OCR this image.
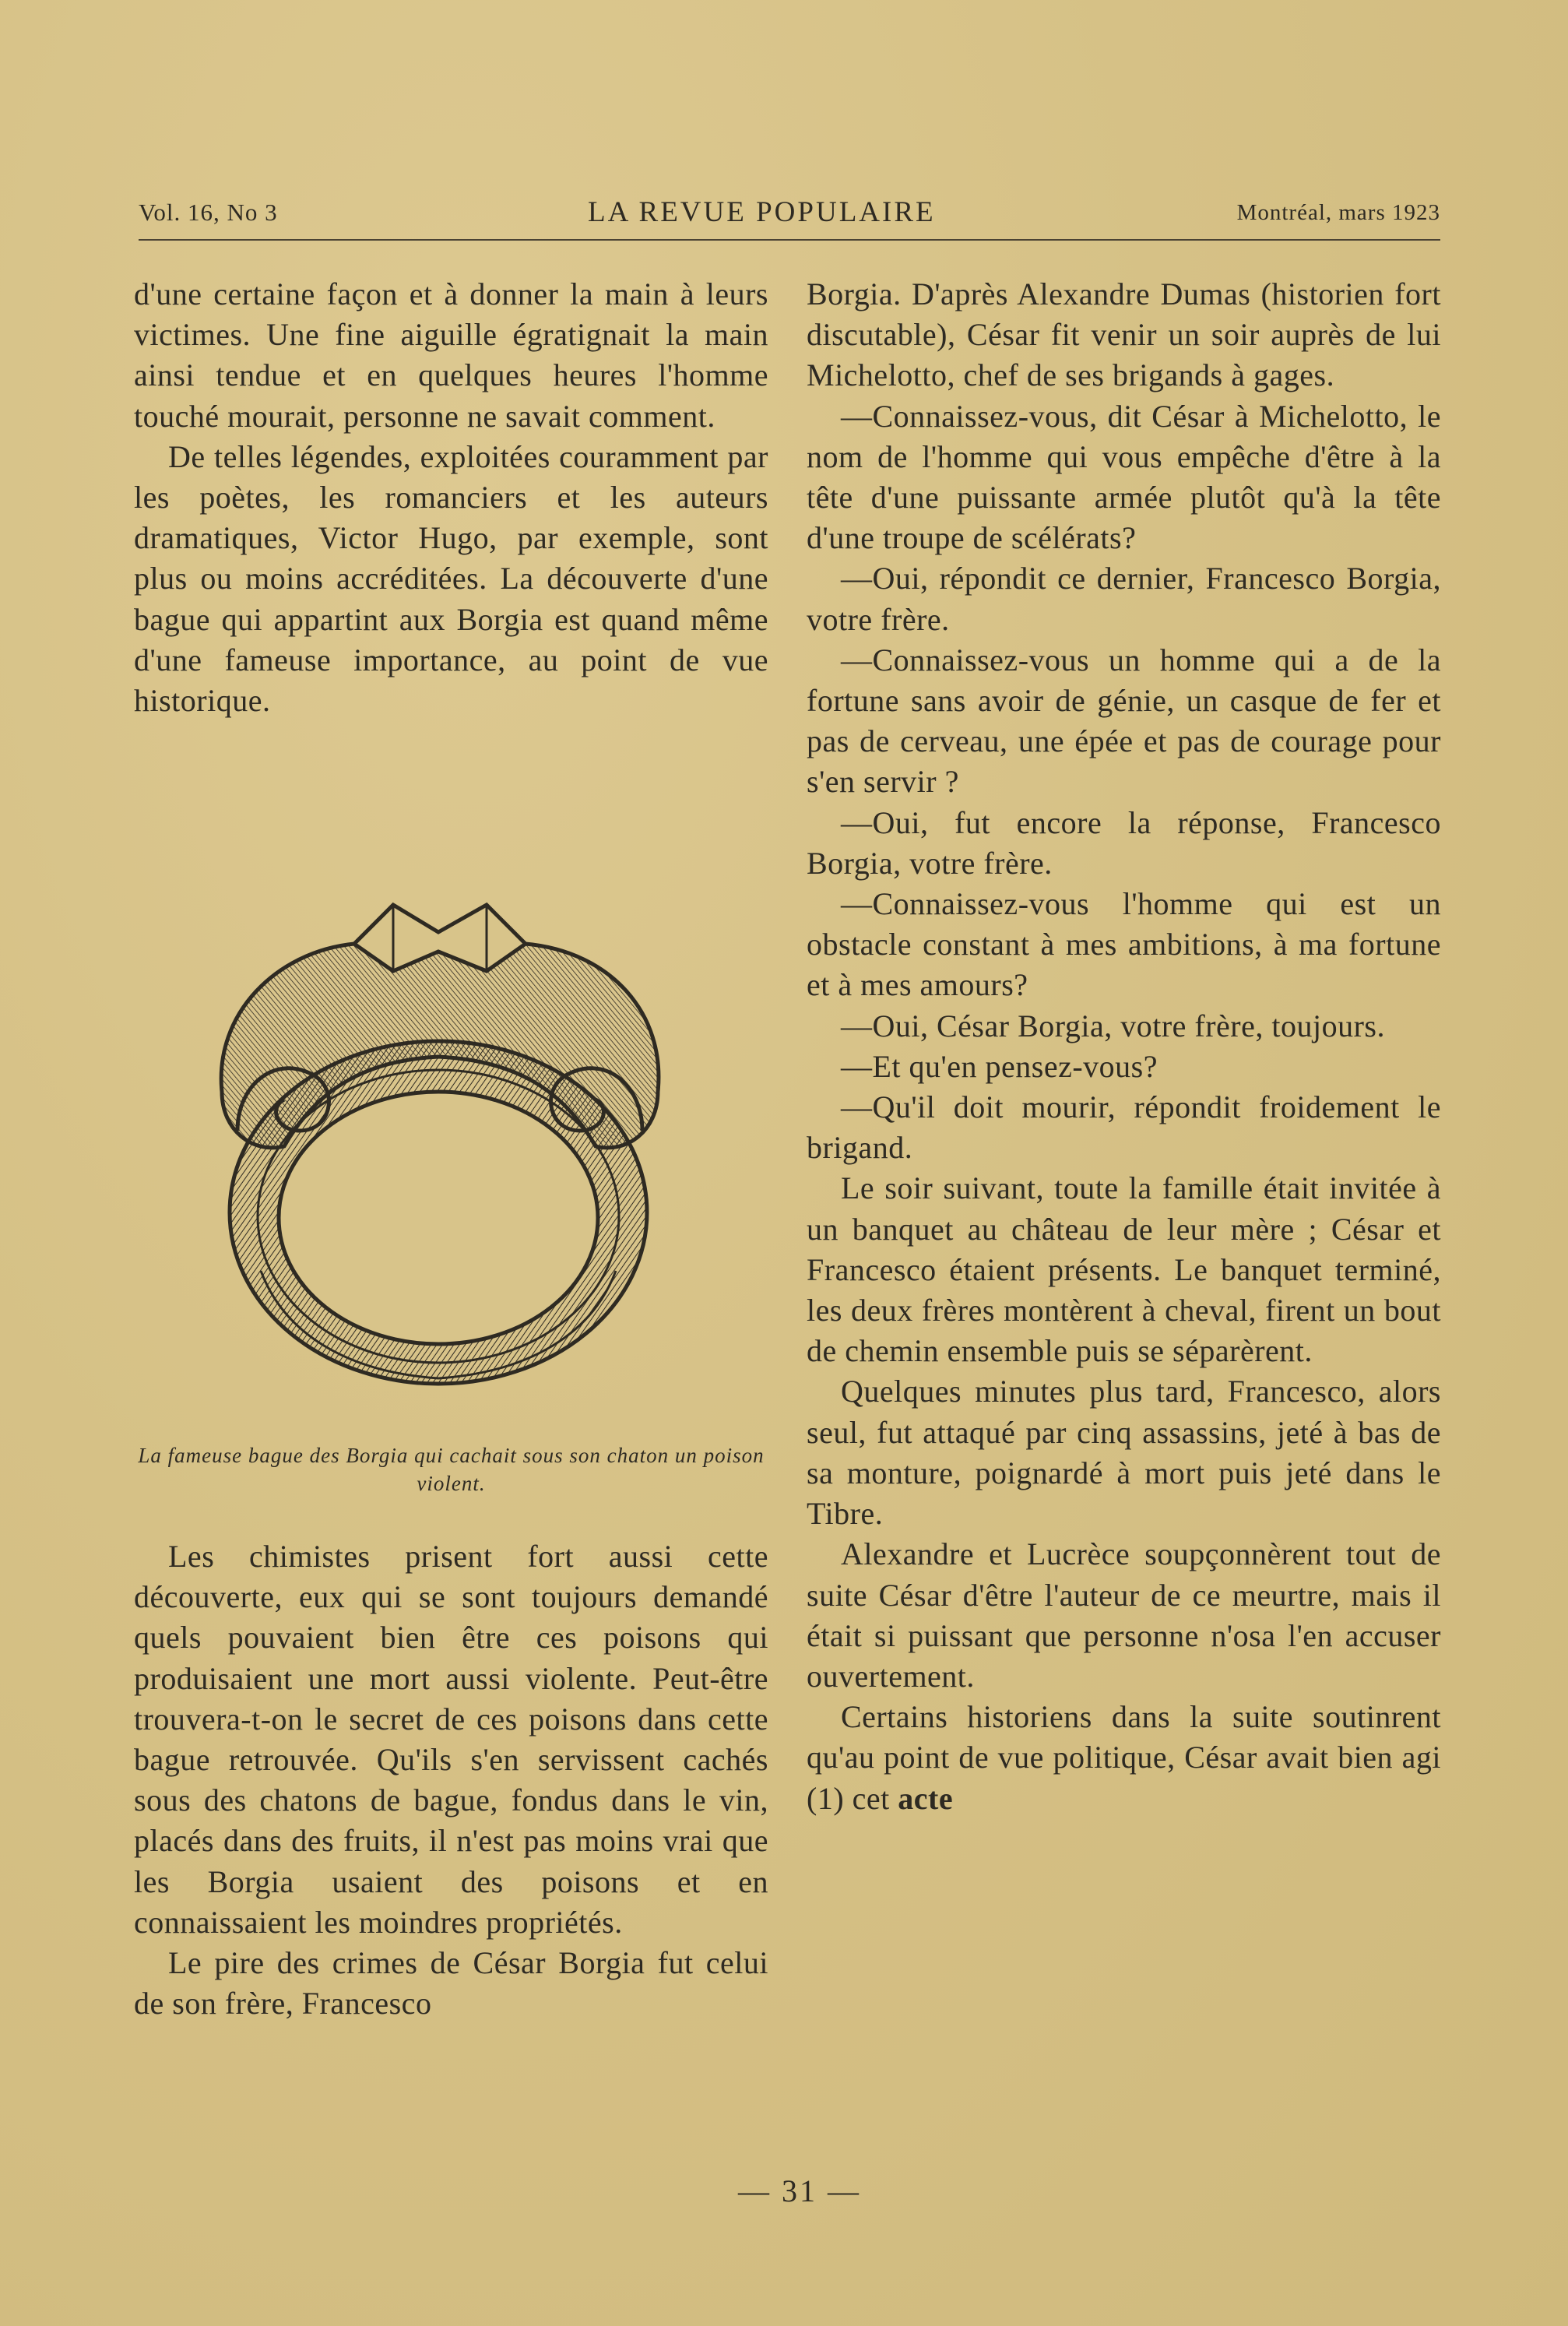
Vol. 16, No 3	LA REVUE POPULAIRE	Montréal, mars 1923

d'une certaine façon et à donner la main à leurs victimes. Une fine aiguille égratignait la main ainsi tendue et en quelques heures l'homme touché mourait, personne ne savait comment.

De telles légendes, exploitées couramment par les poètes, les romanciers et les auteurs dramatiques, Victor Hugo, par exemple, sont plus ou moins accréditées. La découverte d'une bague qui appartint aux Borgia est quand même d'une fameuse importance, au point de vue historique.

La fameuse bague des Borgia qui cachait sous son chaton un poison violent.

Les chimistes prisent fort aussi cette découverte, eux qui se sont toujours demandé quels pouvaient bien être ces poisons qui produisaient une mort aussi violente. Peut-être trouvera-t-on le secret de ces poisons dans cette bague retrouvée. Qu'ils s'en servissent cachés sous des chatons de bague, fondus dans le vin, placés dans des fruits, il n'est pas moins vrai que les Borgia usaient des poisons et en connaissaient les moindres propriétés.

Le pire des crimes de César Borgia fut celui de son frère, Francesco

Borgia. D'après Alexandre Dumas (historien fort discutable), César fit venir un soir auprès de lui Michelotto, chef de ses brigands à gages.

—Connaissez-vous, dit César à Michelotto, le nom de l'homme qui vous empêche d'être à la tête d'une puissante armée plutôt qu'à la tête d'une troupe de scélérats?

—Oui, répondit ce dernier, Francesco Borgia, votre frère.

—Connaissez-vous un homme qui a de la fortune sans avoir de génie, un casque de fer et pas de cerveau, une épée et pas de courage pour s'en servir ?

—Oui, fut encore la réponse, Francesco Borgia, votre frère.

—Connaissez-vous l'homme qui est un obstacle constant à mes ambitions, à ma fortune et à mes amours?

—Oui, César Borgia, votre frère, toujours.

—Et qu'en pensez-vous?

—Qu'il doit mourir, répondit froidement le brigand.

Le soir suivant, toute la famille était invitée à un banquet au château de leur mère ; César et Francesco étaient présents. Le banquet terminé, les deux frères montèrent à cheval, firent un bout de chemin ensemble puis se séparèrent.

Quelques minutes plus tard, Francesco, alors seul, fut attaqué par cinq assassins, jeté à bas de sa monture, poignardé à mort puis jeté dans le Tibre.

Alexandre et Lucrèce soupçonnèrent tout de suite César d'être l'auteur de ce meurtre, mais il était si puissant que personne n'osa l'en accuser ouvertement.

Certains historiens dans la suite soutinrent qu'au point de vue politique, César avait bien agi (1) cet acte

— 31 —
